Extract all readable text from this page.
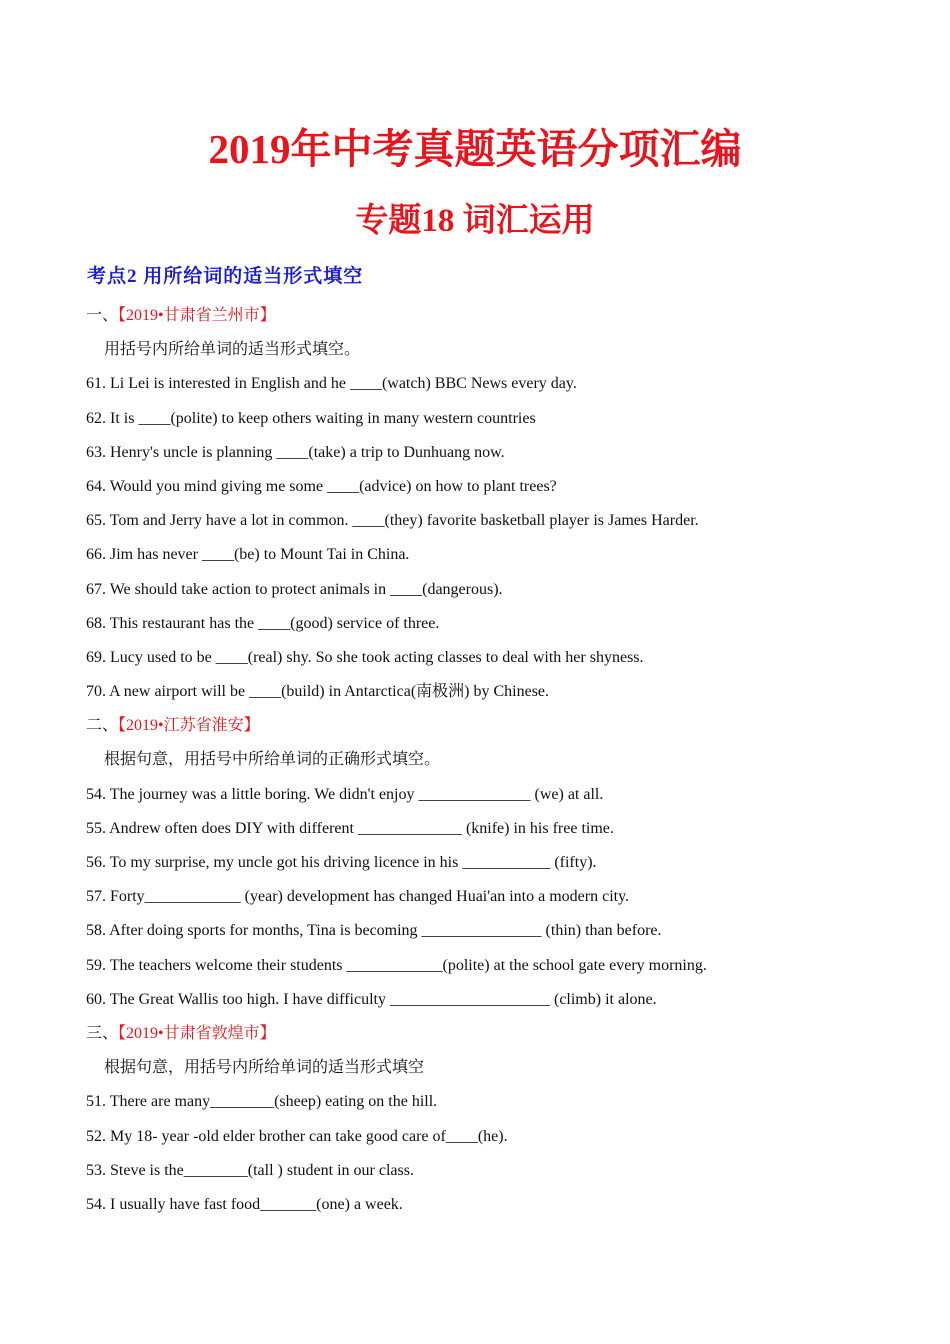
2019年中考真题英语分项汇编
专题18 词汇运用
考点2 用所给词的适当形式填空
一、【2019•甘肃省兰州市】
用括号内所给单词的适当形式填空。
61. Li Lei is interested in English and he ____(watch) BBC News every day.
62. It is ____(polite) to keep others waiting in many western countries
63. Henry's uncle is planning ____(take) a trip to Dunhuang now.
64. Would you mind giving me some ____(advice) on how to plant trees?
65. Tom and Jerry have a lot in common. ____(they) favorite basketball player is James Harder.
66. Jim has never ____(be) to Mount Tai in China.
67. We should take action to protect animals in ____(dangerous).
68. This restaurant has the ____(good) service of three.
69. Lucy used to be ____(real) shy. So she took acting classes to deal with her shyness.
70. A new airport will be ____(build) in Antarctica(南极洲) by Chinese.
二、【2019•江苏省淮安】
根据句意，用括号中所给单词的正确形式填空。
54. The journey was a little boring. We didn't enjoy ______________ (we) at all.
55. Andrew often does DIY with different _____________ (knife) in his free time.
56. To my surprise, my uncle got his driving licence in his ___________ (fifty).
57. Forty____________ (year) development has changed Huai'an into a modern city.
58. After doing sports for months, Tina is becoming _______________ (thin) than before.
59. The teachers welcome their students ____________(polite) at the school gate every morning.
60. The Great Wallis too high. I have difficulty ____________________ (climb) it alone.
三、【2019•甘肃省敦煌市】
根据句意，用括号内所给单词的适当形式填空
51. There are many________(sheep) eating on the hill.
52. My 18- year -old elder brother can take good care of____(he).
53. Steve is the________(tall ) student in our class.
54. I usually have fast food_______(one) a week.
